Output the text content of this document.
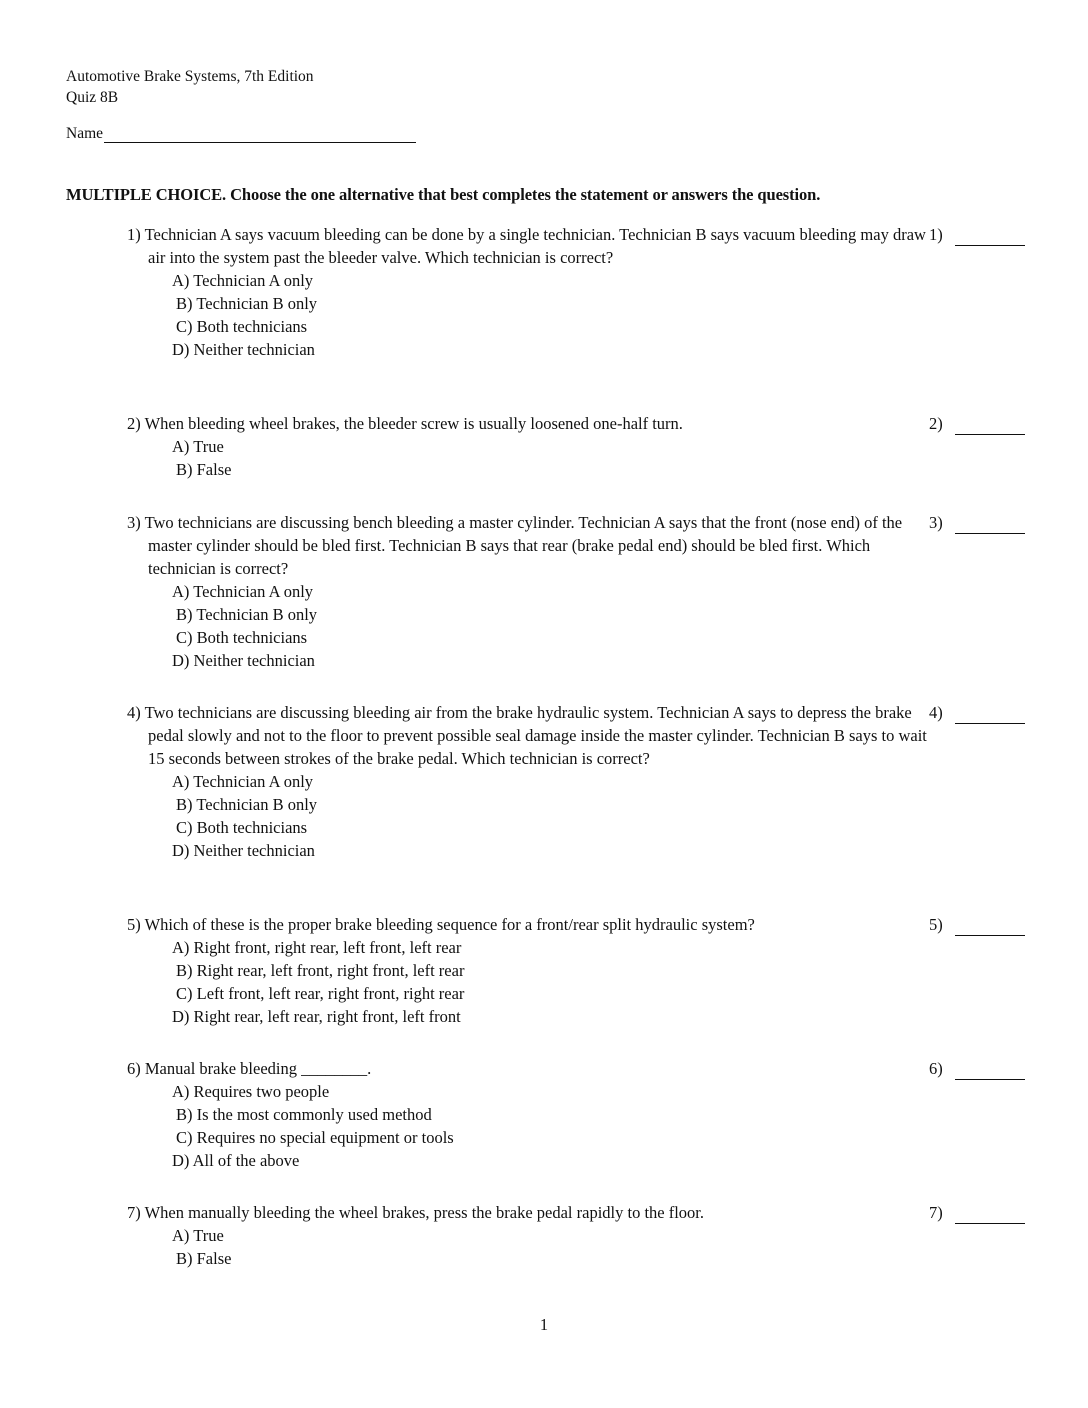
Automotive Brake Systems, 7th Edition
Quiz 8B
Name
MULTIPLE CHOICE. Choose the one alternative that best completes the statement or answers the question.
1) Technician A says vacuum bleeding can be done by a single technician. Technician B says vacuum bleeding may draw air into the system past the bleeder valve. Which technician is correct?
A) Technician A only
B) Technician B only
C) Both technicians
D) Neither technician
1)
2) When bleeding wheel brakes, the bleeder screw is usually loosened one-half turn.
A) True
B) False
2)
3) Two technicians are discussing bench bleeding a master cylinder. Technician A says that the front (nose end) of the master cylinder should be bled first. Technician B says that rear (brake pedal end) should be bled first. Which technician is correct?
A) Technician A only
B) Technician B only
C) Both technicians
D) Neither technician
3)
4) Two technicians are discussing bleeding air from the brake hydraulic system. Technician A says to depress the brake pedal slowly and not to the floor to prevent possible seal damage inside the master cylinder. Technician B says to wait 15 seconds between strokes of the brake pedal. Which technician is correct?
A) Technician A only
B) Technician B only
C) Both technicians
D) Neither technician
4)
5) Which of these is the proper brake bleeding sequence for a front/rear split hydraulic system?
A) Right front, right rear, left front, left rear
B) Right rear, left front, right front, left rear
C) Left front, left rear, right front, right rear
D) Right rear, left rear, right front, left front
5)
6) Manual brake bleeding ________.
A) Requires two people
B) Is the most commonly used method
C) Requires no special equipment or tools
D) All of the above
6)
7) When manually bleeding the wheel brakes, press the brake pedal rapidly to the floor.
A) True
B) False
7)
1
